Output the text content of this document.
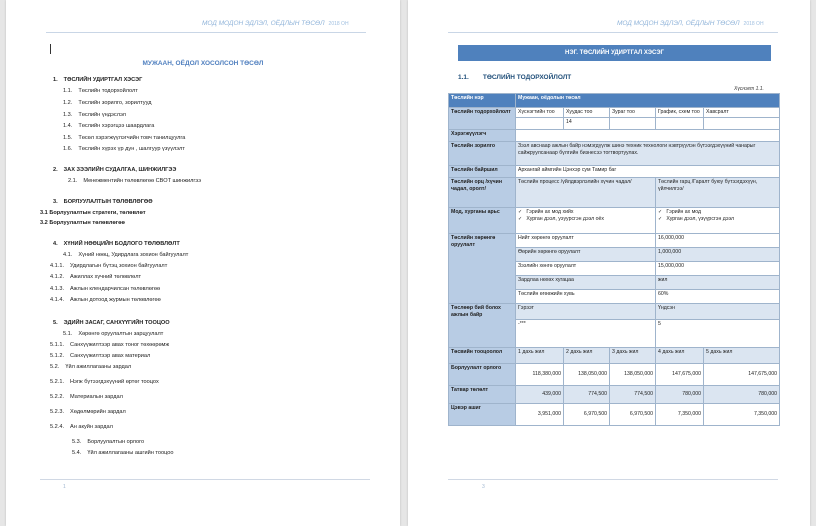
МОД МОДОН ЭДЛЭЛ, ОЁДЛЫН ТӨСӨЛ 2018 ОН
МУЖААН, ОЁДОЛ ХОСОЛСОН ТӨСӨЛ
1. ТӨСЛИЙН УДИРТГАЛ ХЭСЭГ
1.1. Төслийн тодорхойлолт
1.2. Төслийн зорилго, зорилтууд
1.3. Төслийн үндэслэл
1.4. Төслийн хэрэгцээ шаардлага
1.5. Төсөл хэрэгжүүлэгчийн товч танилцуулга
1.6. Төслийн хүрэх үр дүн , шалгуур үзүүлэлт
2. ЗАХ ЗЭЭЛИЙН СУДАЛГАА, ШИНЖИЛГЭЭ
2.1. Менежментийн төлөвлөгөө СВОТ шинжилгээ
3. БОРЛУУЛАЛТЫН ТӨЛӨВЛӨГӨӨ
3.1 Борлуулалтын стратеги, төлөвлөт
3.2 Борлуулалтын төлөвлөгөө
4. ХҮНИЙ НӨӨЦИЙН БОДЛОГО ТӨЛӨВЛӨЛТ
4.1. Хүний нөөц, Удирдлага зохион байгуулалт
4.1.1. Удирдлагын бүтэц зохион байгуулалт
4.1.2. Ажиллах хүчний төлөвлөлт
4.1.3. Ажлын клендарчилсан төлөвлөгөө
4.1.4. Ажлын дотоод журмын төлөвлөгөө
5. ЭДИЙН ЗАСАГ, САНХҮҮГИЙН ТООЦОО
5.1. Хөрөнгө оруулалтын зарцуулалт
5.1.1. Санхүүжилтээр авах тоног төхөөрөмж
5.1.2. Санхүүжилтээр авах материал
5.2. Үйл ажиллагааны зардал
5.2.1. Нэгж бүтээгдэхүүний өртөг тооцох
5.2.2. Материалын зардал
5.2.3. Хөдөлмөрийн зардал
5.2.4. Ан акуйн зардал
5.3. Борлуулалтын орлого
5.4. Үйл ажиллагааны ашгийн тооцоо
1
МОД МОДОН ЭДЛЭЛ, ОЁДЛЫН ТӨСӨЛ 2018 ОН
НЭГ. ТӨСЛИЙН УДИРТГАЛ ХЭСЭГ
1.1. ТӨСЛИЙН ТОДОРХОЙЛОЛТ
Хүснэгт 1.1.
Төслийн нэр	Мужаан, оёдолын төсөл				
Төслийн тодорхойлолт	Хүснэгтийн тоо	Хуудас тоо	Зураг тоо	График, схем тоо	Хавсралт
		14			
Хэрэгжүүлэгч					
Төслийн зорилго	Зээл авснаар ажлын байр нэмэгдүүлж шинэ техник технологи нэвтрүүлэн бүтээгдэхүүний чанарыг сайжруулсанаар бүлгийн бизнесээ тогтвортуулах.				
Төслийн байршил	Архангай аймгийн Цэнхэр сум Тамир баг				
Төслийн орц /хүчин чадал, оролт/	Төслийн процесс /үйлдвэрлэлийн хүчин чадал/			Төслийн гарц /Гаралт буюу бүтээгдэхүүн, үйлчилгээ/	
Мод, хурганы арьс	✓ Гэрийн ах мод хийх
✓ Хурган дээл, уэуурсгэн дээл оёх			✓ Гэрийн ах мод
✓ Хурган дээл, үзүүрсгэн дээл

Төслийн хөрөнгө оруулалт	Нийт хөрөнгө оруулалт			16,000,000	
	Өөрийн хөрөнгө оруулалт			1,000,000	
	Зээлийн хөнгө оруулалт			15,000,000	
	Зардлаа нөхөх хугацаа			жил	
	Төслийн өгөөжийн хувь			60%	
Тѳслѳѳр бий болох ажлын байр	Гэрээт			Үндсэн	
	-***			5	
Төсвийн тооцоолол	1 дахь жил	2 дахь жил	3 дахь жил	4 дахь жил	5 дахь жил
Борлуулалт орлого	118,380,000	138,050,000	138,050,000	147,675,000	147,675,000
Татвар төлөлт	439,000	774,500	774,500	780,000	780,000
Цэвэр ашиг	3,951,000	6,970,500	6,970,500	7,350,000	7,350,000
3
